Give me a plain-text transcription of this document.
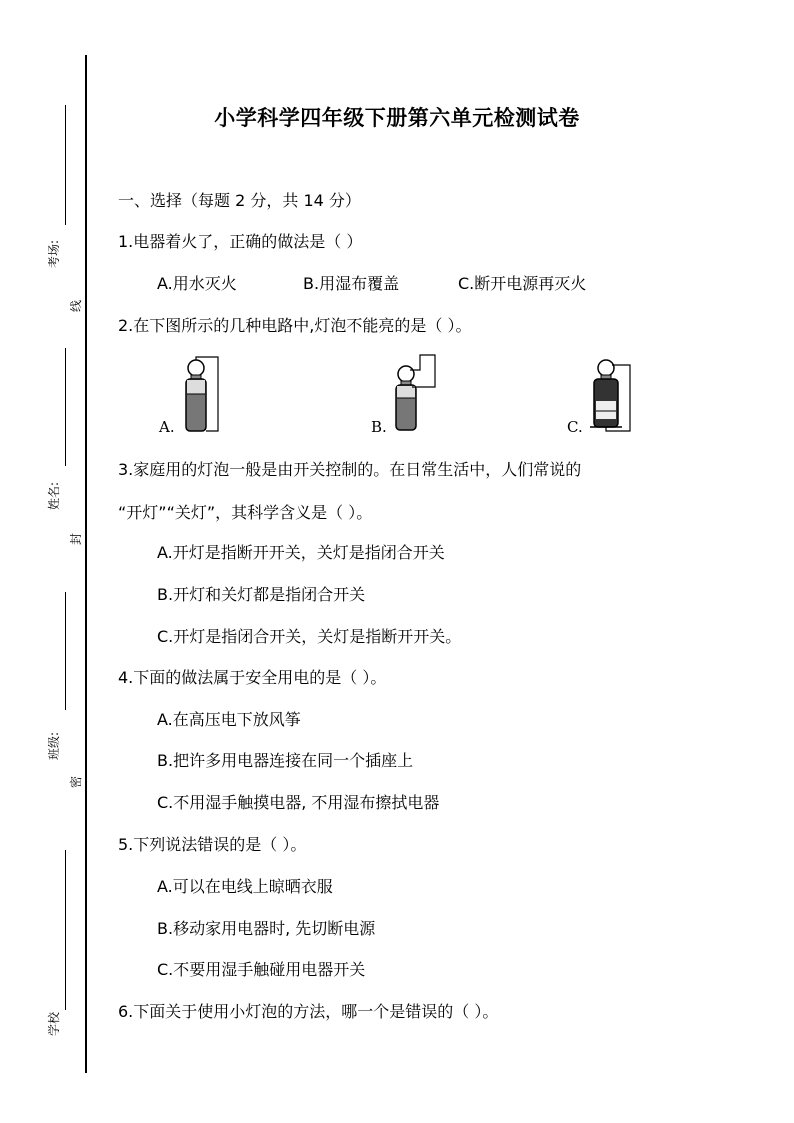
考场:
线
姓名:
封
班级:
密
学校
小学科学四年级下册第六单元检测试卷
一、选择（每题 2 分，共 14 分）
1.电器着火了，正确的做法是（ ）
A.用水灭火	B.用湿布覆盖	C.断开电源再灭火
2.在下图所示的几种电路中,灯泡不能亮的是（ ）。
A.	B.	C.
3.家庭用的灯泡一般是由开关控制的。在日常生活中，人们常说的
“开灯”“关灯”，其科学含义是（ ）。
A.开灯是指断开开关，关灯是指闭合开关
B.开灯和关灯都是指闭合开关
C.开灯是指闭合开关，关灯是指断开开关。
4.下面的做法属于安全用电的是（ ）。
A.在高压电下放风筝
B.把许多用电器连接在同一个插座上
C.不用湿手触摸电器, 不用湿布擦拭电器
5.下列说法错误的是（ ）。
A.可以在电线上晾晒衣服
B.移动家用电器时, 先切断电源
C.不要用湿手触碰用电器开关
6.下面关于使用小灯泡的方法，哪一个是错误的（ ）。
